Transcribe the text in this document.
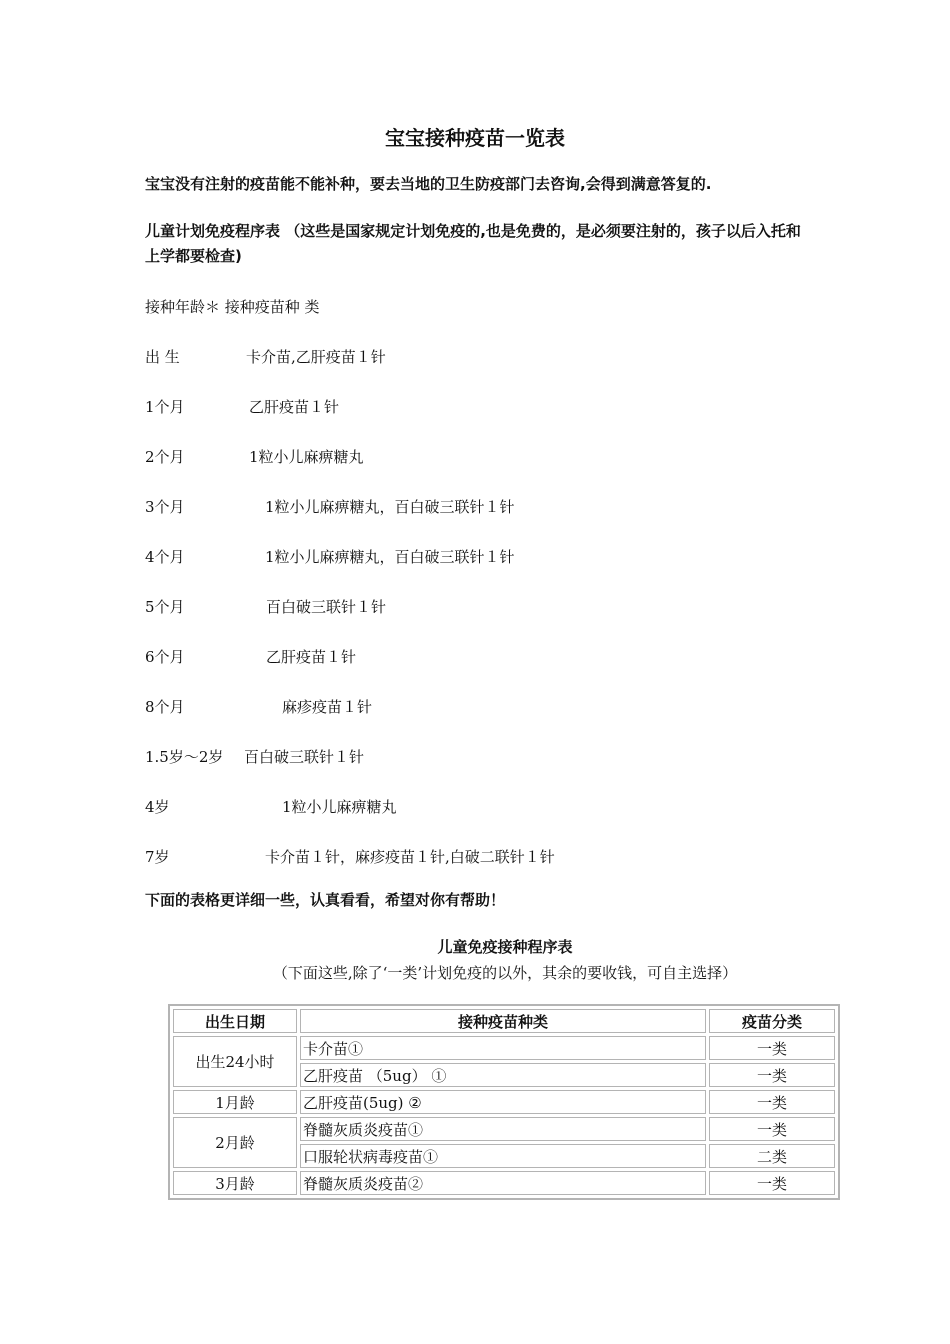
宝宝接种疫苗一览表
宝宝没有注射的疫苗能不能补种，要去当地的卫生防疫部门去咨询,会得到满意答复的.
儿童计划免疫程序表 （这些是国家规定计划免疫的,也是免费的，是必须要注射的，孩子以后入托和上学都要检查)
接种年龄＊ 接种疫苗种 类
出 生	卡介苗,乙肝疫苗１针
1个月	乙肝疫苗１针
2个月	1粒小儿麻痹糖丸
3个月	1粒小儿麻痹糖丸，百白破三联针１针
4个月	1粒小儿麻痹糖丸，百白破三联针１针
5个月	百白破三联针１针
6个月	乙肝疫苗１针
8个月	麻疹疫苗１针
1.5岁～2岁 百白破三联针１针
4岁	1粒小儿麻痹糖丸
7岁	卡介苗１针，麻疹疫苗１针,白破二联针１针
下面的表格更详细一些，认真看看，希望对你有帮助！
儿童免疫接种程序表
（下面这些,除了‘一类’计划免疫的以外，其余的要收钱，可自主选择）
出生日期	接种疫苗种类	疫苗分类
出生24小时	卡介苗①	一类
	乙肝疫苗 （5ug） ①	一类
1月龄	乙肝疫苗(5ug) ②	一类
2月龄	脊髓灰质炎疫苗①	一类
	口服轮状病毒疫苗①	二类
3月龄	脊髓灰质炎疫苗②	一类
